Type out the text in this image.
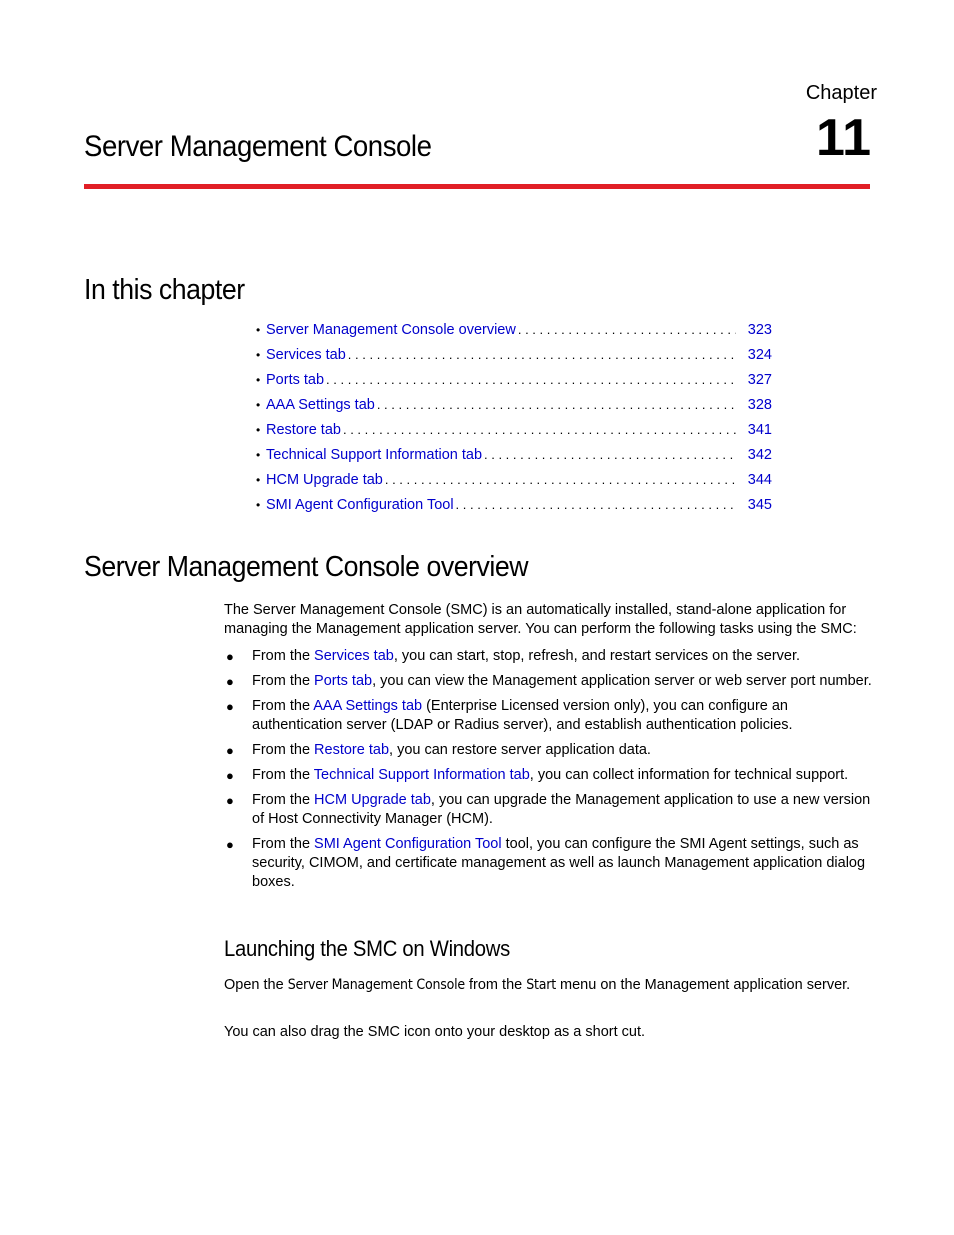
Chapter
11
Server Management Console
In this chapter
• Server Management Console overview . . .	323
• Services tab . . .	324
• Ports tab . . .	327
• AAA Settings tab . . .	328
• Restore tab . . .	341
• Technical Support Information tab . . .	342
• HCM Upgrade tab . . .	344
• SMI Agent Configuration Tool . . .	345
Server Management Console overview

The Server Management Console (SMC) is an automatically installed, stand-alone application for managing the Management application server. You can perform the following tasks using the SMC:

● From the Services tab, you can start, stop, refresh, and restart services on the server.
● From the Ports tab, you can view the Management application server or web server port number.
● From the AAA Settings tab (Enterprise Licensed version only), you can configure an authentication server (LDAP or Radius server), and establish authentication policies.
● From the Restore tab, you can restore server application data.
● From the Technical Support Information tab, you can collect information for technical support.
● From the HCM Upgrade tab, you can upgrade the Management application to use a new version of Host Connectivity Manager (HCM).
● From the SMI Agent Configuration Tool tool, you can configure the SMI Agent settings, such as security, CIMOM, and certificate management as well as launch Management application dialog boxes.
Launching the SMC on Windows

Open the Server Management Console from the Start menu on the Management application server.

You can also drag the SMC icon onto your desktop as a short cut.
